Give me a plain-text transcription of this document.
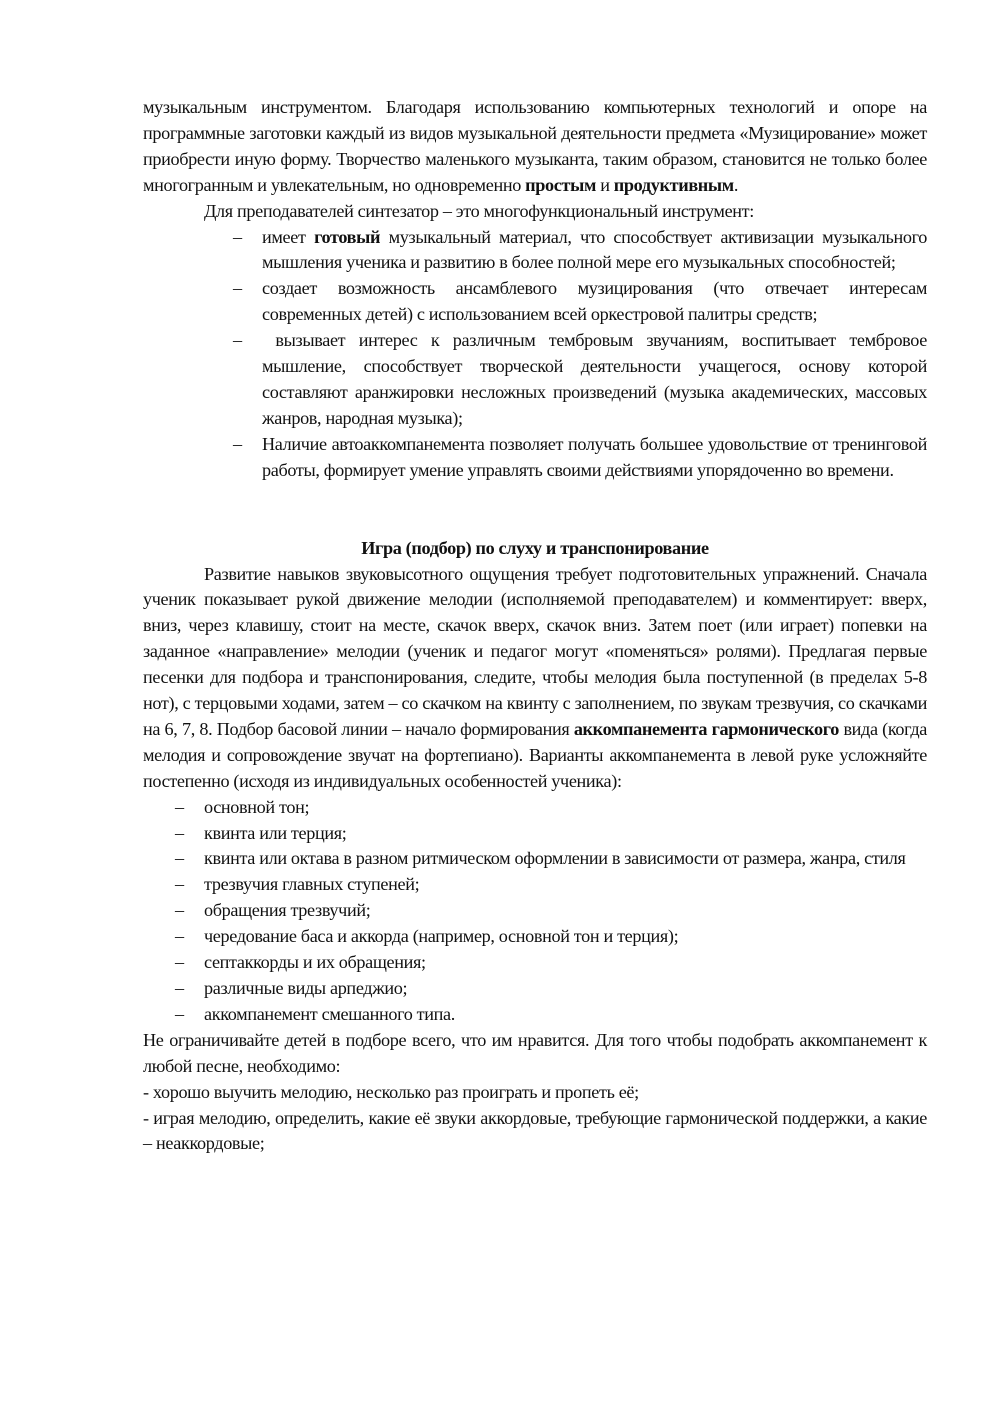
музыкальным инструментом. Благодаря использованию компьютерных технологий и опоре на программные заготовки каждый из видов музыкальной деятельности предмета «Музицирование» может приобрести иную форму. Творчество маленького музыканта, таким образом, становится не только более многогранным и увлекательным, но одновременно простым и продуктивным.

Для преподавателей синтезатор – это многофункциональный инструмент:

– имеет готовый музыкальный материал, что способствует активизации музыкального мышления ученика и развитию в более полной мере его музыкальных способностей;
– создает возможность ансамблевого музицирования (что отвечает интересам современных детей) с использованием всей оркестровой палитры средств;
– вызывает интерес к различным тембровым звучаниям, воспитывает тембровое мышление, способствует творческой деятельности учащегося, основу которой составляют аранжировки несложных произведений (музыка академических, массовых жанров, народная музыка);
– Наличие автоаккомпанемента позволяет получать большее удовольствие от тренинговой работы, формирует умение управлять своими действиями упорядоченно во времени.
Игра (подбор) по слуху и транспонирование

Развитие навыков звуковысотного ощущения требует подготовительных упражнений. Сначала ученик показывает рукой движение мелодии (исполняемой преподавателем) и комментирует: вверх, вниз, через клавишу, стоит на месте, скачок вверх, скачок вниз. Затем поет (или играет) попевки на заданное «направление» мелодии (ученик и педагог могут «поменяться» ролями). Предлагая первые песенки для подбора и транспонирования, следите, чтобы мелодия была поступенной (в пределах 5-8 нот), с терцовыми ходами, затем – со скачком на квинту с заполнением, по звукам трезвучия, со скачками на 6, 7, 8. Подбор басовой линии – начало формирования аккомпанемента гармонического вида (когда мелодия и сопровождение звучат на фортепиано). Варианты аккомпанемента в левой руке усложняйте постепенно (исходя из индивидуальных особенностей ученика):

– основной тон;
– квинта или терция;
– квинта или октава в разном ритмическом оформлении в зависимости от размера, жанра, стиля
– трезвучия главных ступеней;
– обращения трезвучий;
– чередование баса и аккорда (например, основной тон и терция);
– септаккорды и их обращения;
– различные виды арпеджио;
– аккомпанемент смешанного типа.

Не ограничивайте детей в подборе всего, что им нравится. Для того чтобы подобрать аккомпанемент к любой песне, необходимо:

- хорошо выучить мелодию, несколько раз проиграть и пропеть её;

- играя мелодию, определить, какие её звуки аккордовые, требующие гармонической поддержки, а какие – неаккордовые;
